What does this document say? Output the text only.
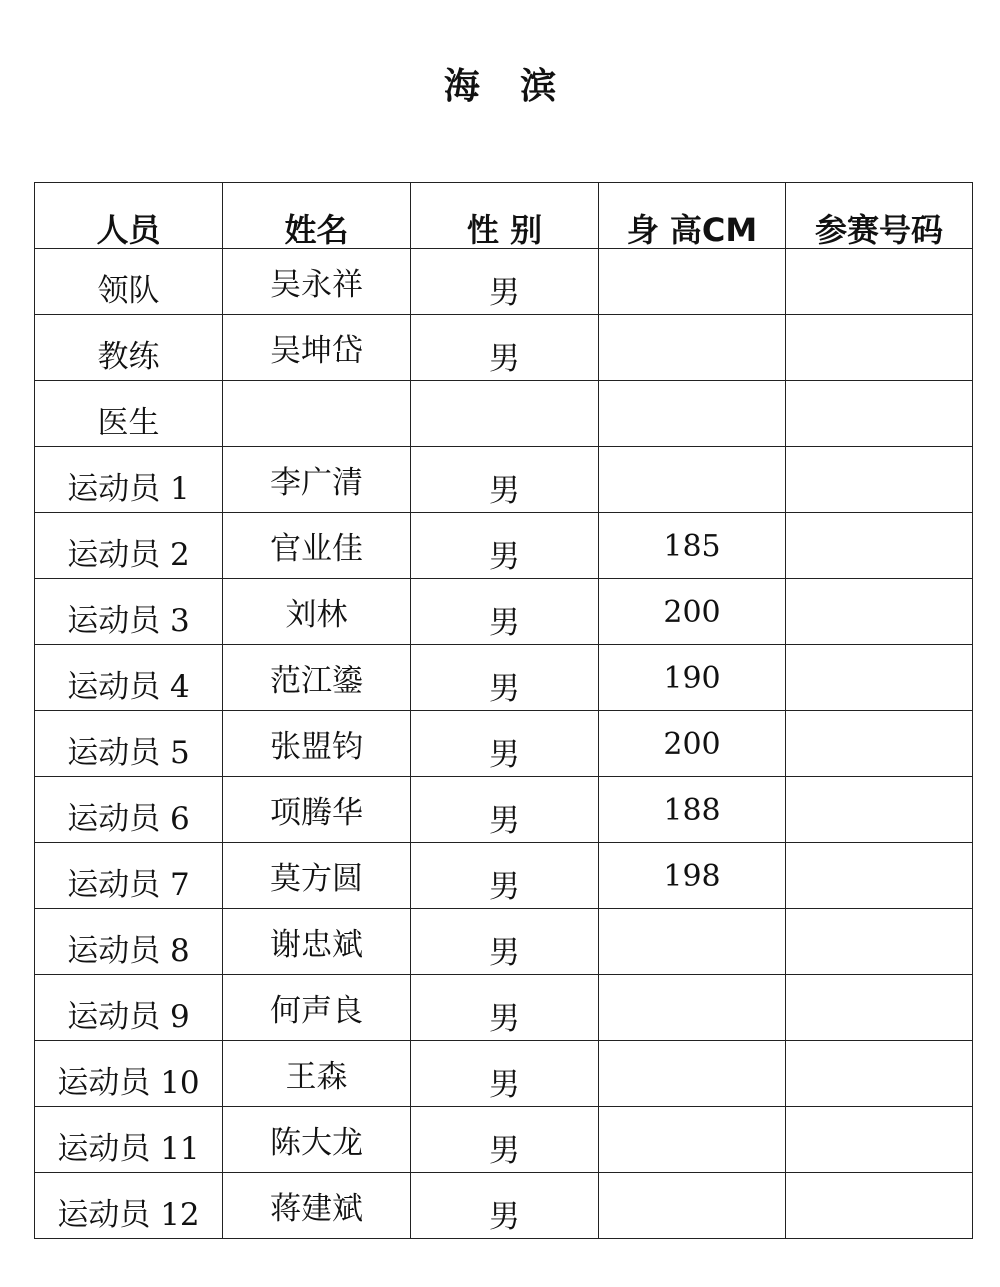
海 滨
人员	姓名	性 别	身 高CM	参赛号码

领队	吴永祥	男		

教练	吴坤岱	男		

医生				

运动员 1	李广清	男		

运动员 2	官业佳	男	185	

运动员 3	刘林	男	200	

运动员 4	范江鎏	男	190	

运动员 5	张盟钧	男	200	

运动员 6	项腾华	男	188	

运动员 7	莫方圆	男	198	

运动员 8	谢忠斌	男		

运动员 9	何声良	男		

运动员 10	王森	男		

运动员 11	陈大龙	男		

运动员 12	蒋建斌	男		
